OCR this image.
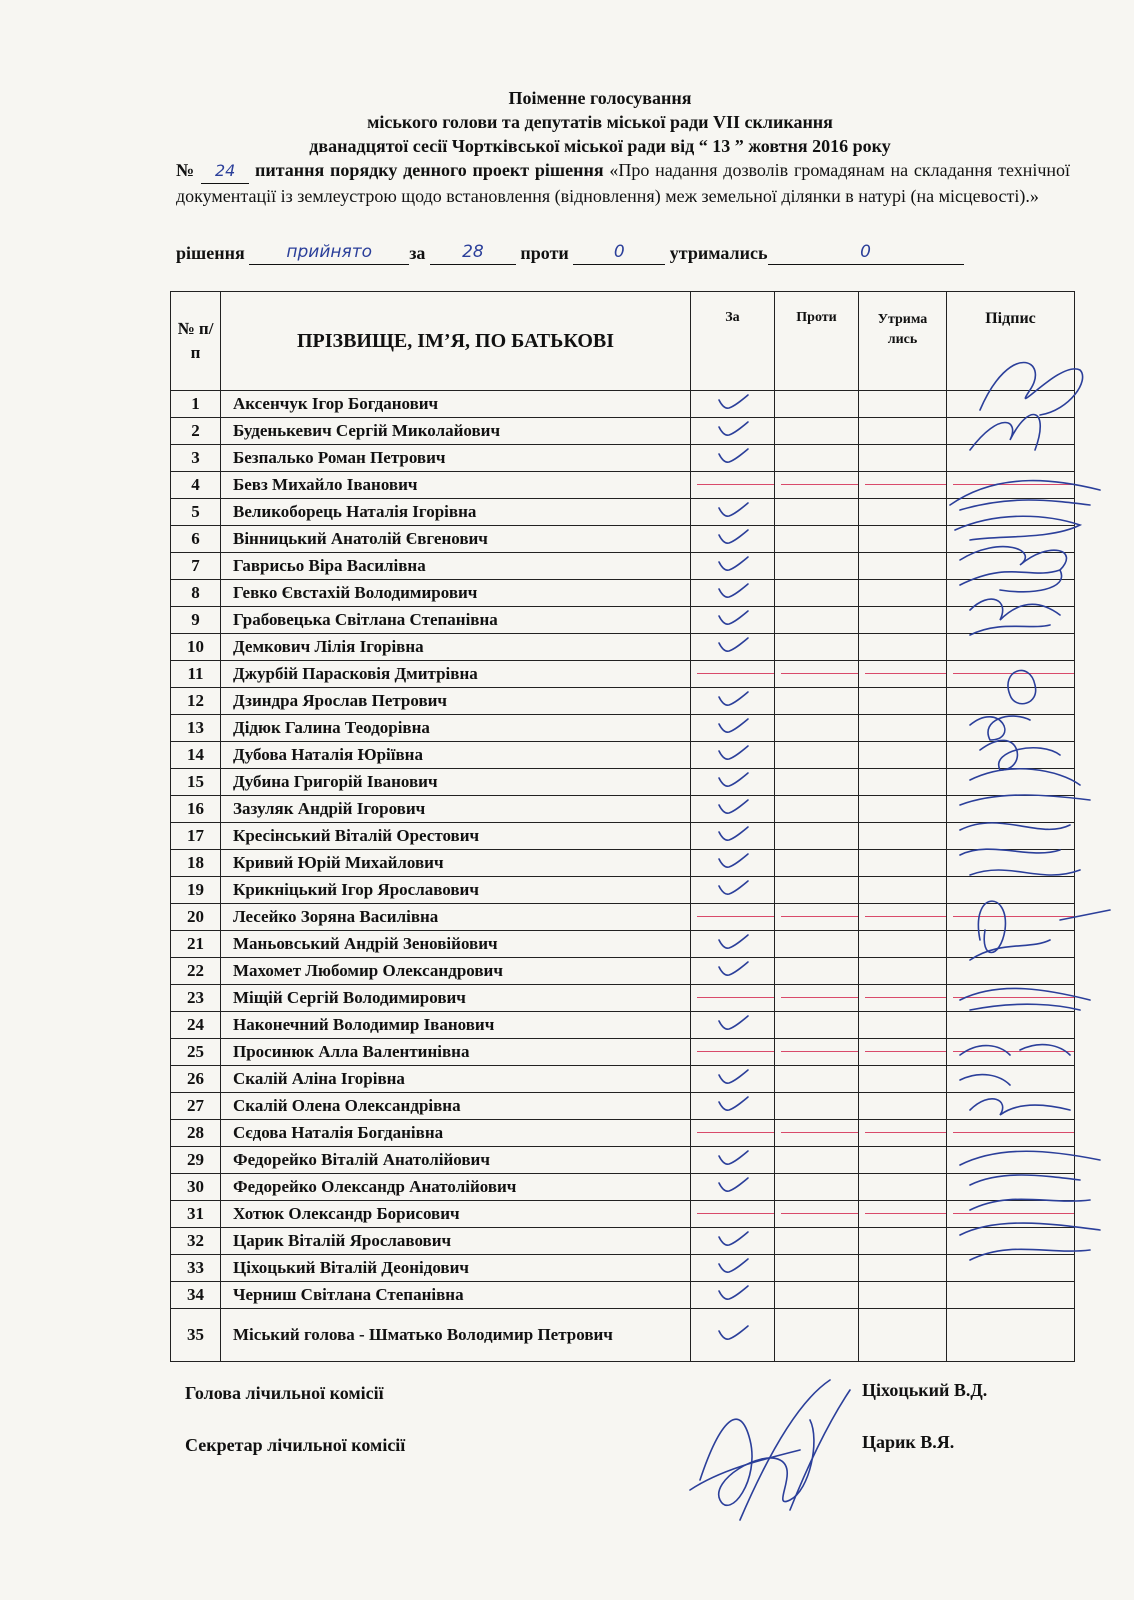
Поіменне голосування
міського голови та депутатів міської ради VІІ скликання
дванадцятої сесії Чортківської міської ради від “ 13 ” жовтня 2016 року
№ 24 питання порядку денного проект рішення «Про надання дозволів громадянам на складання технічної документації із землеустрою щодо встановлення (відновлення) меж земельної ділянки в натурі (на місцевості).»
рішення прийнято за 28 проти	0	утримались	0
№ п/п	ПРІЗВИЩЕ, ІМ’Я, ПО БАТЬКОВІ	За	Проти	Утрима лись	Підпис
1	Аксенчук Ігор Богданович				
2	Буденькевич Сергій Миколайович				
3	Безпалько Роман Петрович				
4	Бевз Михайло Іванович	

5	Великоборець Наталія Ігорівна				
6	Вінницький Анатолій Євгенович				
7	Гаврисьо Віра Василівна				
8	Гевко Євстахій Володимирович				
9	Грабовецька Світлана Степанівна				
10	Демкович Лілія Ігорівна				
11	Джурбій Парасковія Дмитрівна	

12	Дзиндра Ярослав Петрович				
13	Дідюк Галина Теодорівна				
14	Дубова Наталія Юріївна				
15	Дубина Григорій Іванович				
16	Зазуляк Андрій Ігорович				
17	Кресінський Віталій Орестович				
18	Кривий Юрій Михайлович				
19	Крикніцький Ігор Ярославович				
20	Лесейко Зоряна Василівна	

21	Маньовський Андрій Зеновійович				
22	Махомет Любомир Олександрович				
23	Міщій Сергій Володимирович	

24	Наконечний Володимир Іванович				
25	Просинюк Алла Валентинівна	

26	Скалій Аліна Ігорівна				
27	Скалій Олена Олександрівна				
28	Сєдова Наталія Богданівна	

29	Федорейко Віталій Анатолійович				
30	Федорейко Олександр Анатолійович				
31	Хотюк Олександр Борисович	

32	Царик Віталій Ярославович				
33	Ціхоцький Віталій Деонідович				
34	Черниш Світлана Степанівна				
35	Міський голова - Шматько Володимир Петрович				
Голова лічильної комісії	Ціхоцький В.Д.
Секретар лічильної комісії	Царик В.Я.
